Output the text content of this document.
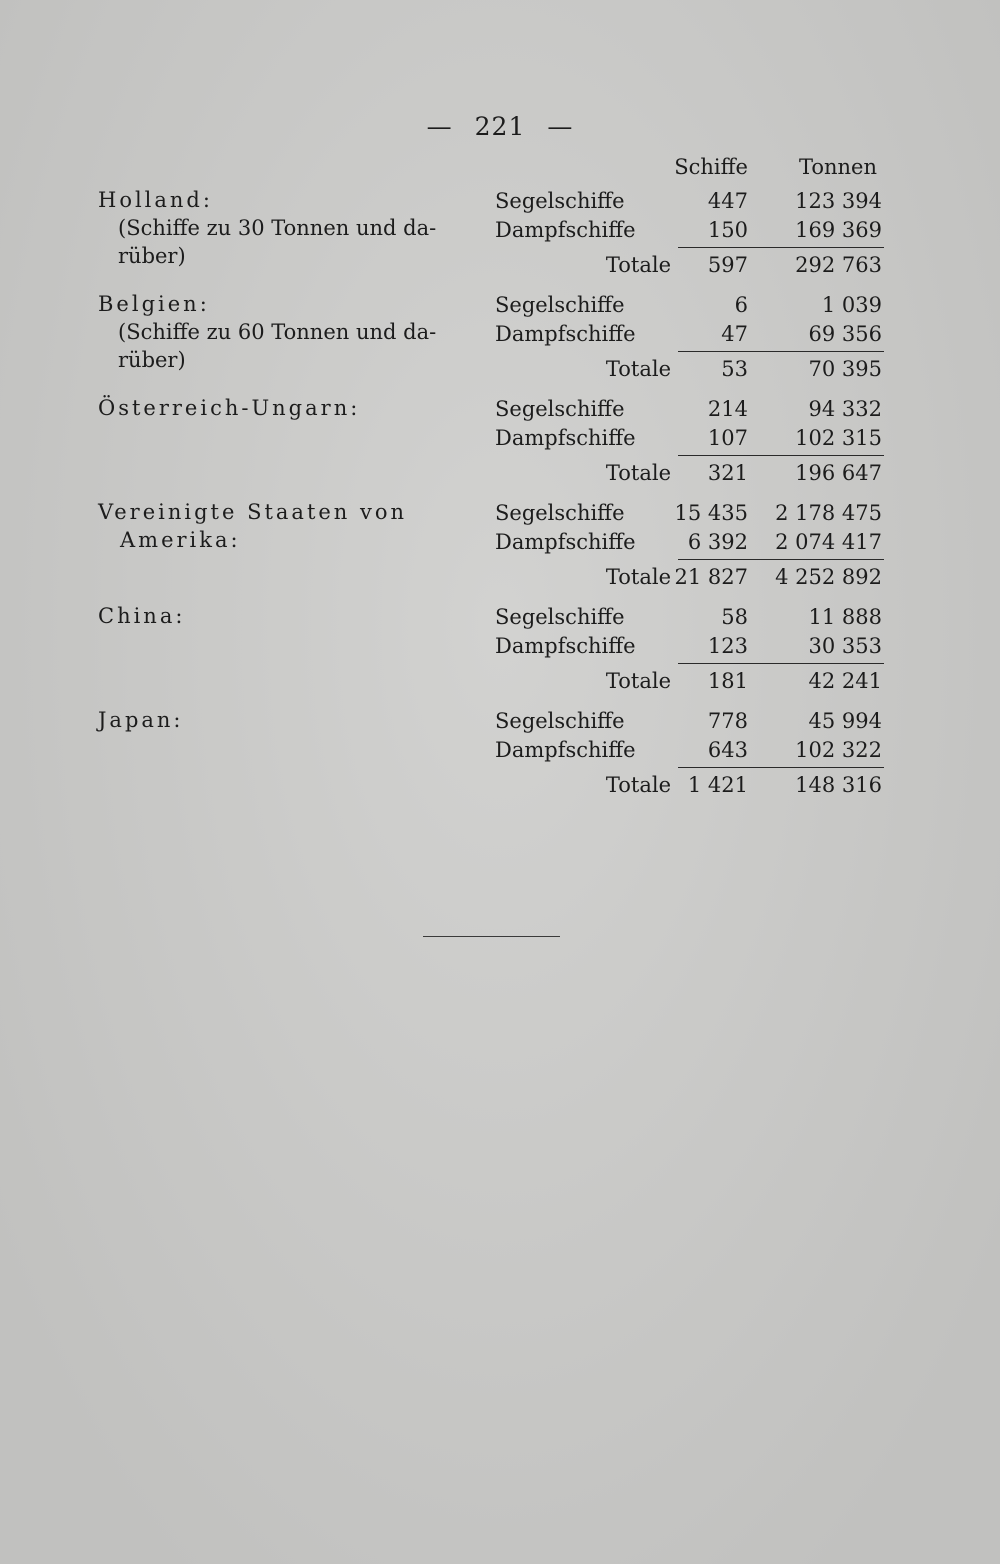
— 221 —
Schiffe	Tonnen
Holland:
(Schiffe zu 30 Tonnen und da-
rüber)
Segelschiffe	447	123 394
Dampfschiffe	150	169 369
Totale	597	292 763
Belgien:
(Schiffe zu 60 Tonnen und da-
rüber)
Segelschiffe	6	1 039
Dampfschiffe	47	69 356
Totale	53	70 395
Österreich-Ungarn:	Segelschiffe	214	94 332
Dampfschiffe	107	102 315
Totale	321	196 647
Vereinigte Staaten von
Amerika:
Segelschiffe 15 435	2 178 475
Dampfschiffe	6 392	2 074 417
Totale 21 827	4 252 892
China:	Segelschiffe	58	11 888
Dampfschiffe	123	30 353
Totale	181	42 241
Japan:	Segelschiffe	778	45 994
Dampfschiffe	643	102 322
Totale 1 421	148 316
